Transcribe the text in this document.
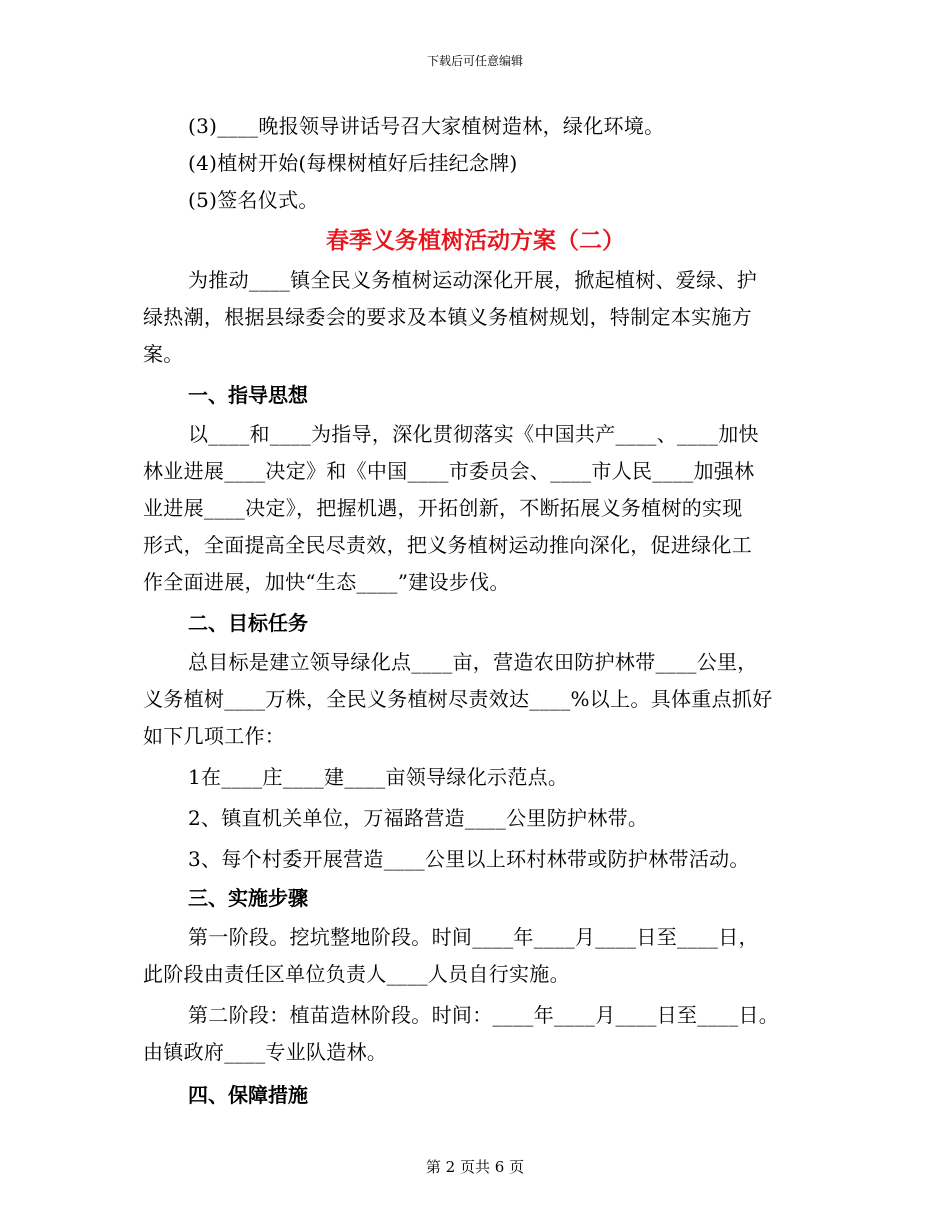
下载后可任意编辑

(3)____晚报领导讲话号召大家植树造林，绿化环境。

(4)植树开始(每棵树植好后挂纪念牌)

(5)签名仪式。

春季义务植树活动方案（二）

为推动____镇全民义务植树运动深化开展，掀起植树、爱绿、护

绿热潮，根据县绿委会的要求及本镇义务植树规划，特制定本实施方

案。

一、指导思想

以____和____为指导，深化贯彻落实《中国共产____、____加快

林业进展____决定》和《中国____市委员会、____市人民____加强林

业进展____决定》，把握机遇，开拓创新，不断拓展义务植树的实现

形式，全面提高全民尽责效，把义务植树运动推向深化，促进绿化工

作全面进展，加快“生态____”建设步伐。

二、目标任务

总目标是建立领导绿化点____亩，营造农田防护林带____公里，

义务植树____万株，全民义务植树尽责效达____%以上。具体重点抓好

如下几项工作：

1在____庄____建____亩领导绿化示范点。

2、镇直机关单位，万福路营造____公里防护林带。

3、每个村委开展营造____公里以上环村林带或防护林带活动。

三、实施步骤

第一阶段。挖坑整地阶段。时间____年____月____日至____日，

此阶段由责任区单位负责人____人员自行实施。

第二阶段：植苗造林阶段。时间：____年____月____日至____日。

由镇政府____专业队造林。

四、保障措施
第 2 页共 6 页
